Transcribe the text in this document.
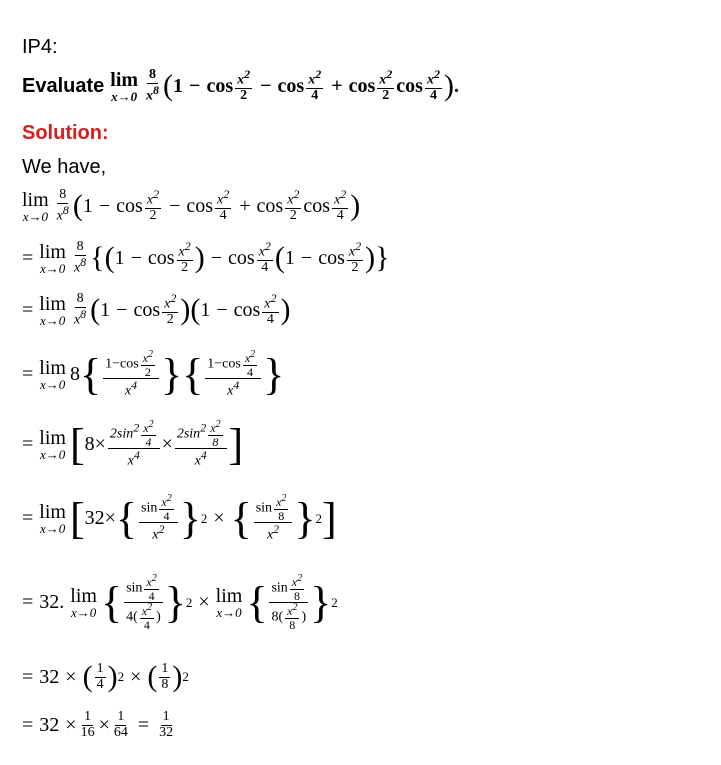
IP4:
Evaluate lim
$x\to 0 \frac{8}{x^8}$ ( $1 - \cos \frac{x^2}{2} - \cos \frac{x^2}{4} + \cos \frac{x^2}{2}$ $\cos \frac{x^2}{4}$ ) .
Solution:
We have,
lim
$x\to 0 \frac{8}{x^8}$ ( $1 - \cos \frac{x^2}{2} - \cos \frac{x^2}{4} + \cos \frac{x^2}{2}$ $\cos \frac{x^2}{4}$ )
= lim
$x\to 0 \frac{8}{x^8}$ {( $1 - \cos \frac{x^2}{2}$ ) − $\cos \frac{x^2}{4}$ ( $1 - \cos \frac{x^2}{2}$ )}
= lim
$x\to 0 \frac{8}{x^8}$ ( $1 - \cos \frac{x^2}{2}$ )( $1 - \cos \frac{x^2}{4}$ )
= lim
x→0 8 { $\frac{1-\cos \frac{x^2}{2}}{x^4}$ }{ $\frac{1-\cos \frac{x^2}{4}}{x^4}$ }
= lim
x→0 [ $8 \times \frac{2\sin^2 \frac{x^2}{4}}{x^4} \times \frac{2\sin^2 \frac{x^2}{8}}{x^4}$ ]
= lim
x→0 [ 32 × { $\frac{\sin \frac{x^2}{4}}{x^2}$ } 2 × { $\frac{\sin \frac{x^2}{8}}{x^2}$ } 2 ]
= 32. lim
x→0 { $\frac{\sin \frac{x^2}{4}}{4( \frac{x^2}{4} )}$ } 2 × lim
x→0 { $\frac{\sin \frac{x^2}{8}}{8( \frac{x^2}{8} )}$ } 2
= 32 × ( $\frac{1}{4}$ ) 2 × ( $\frac{1}{8}$ ) 2
= $32 \times \frac{1}{16} \times \frac{1}{64} = \frac{1}{32}$
